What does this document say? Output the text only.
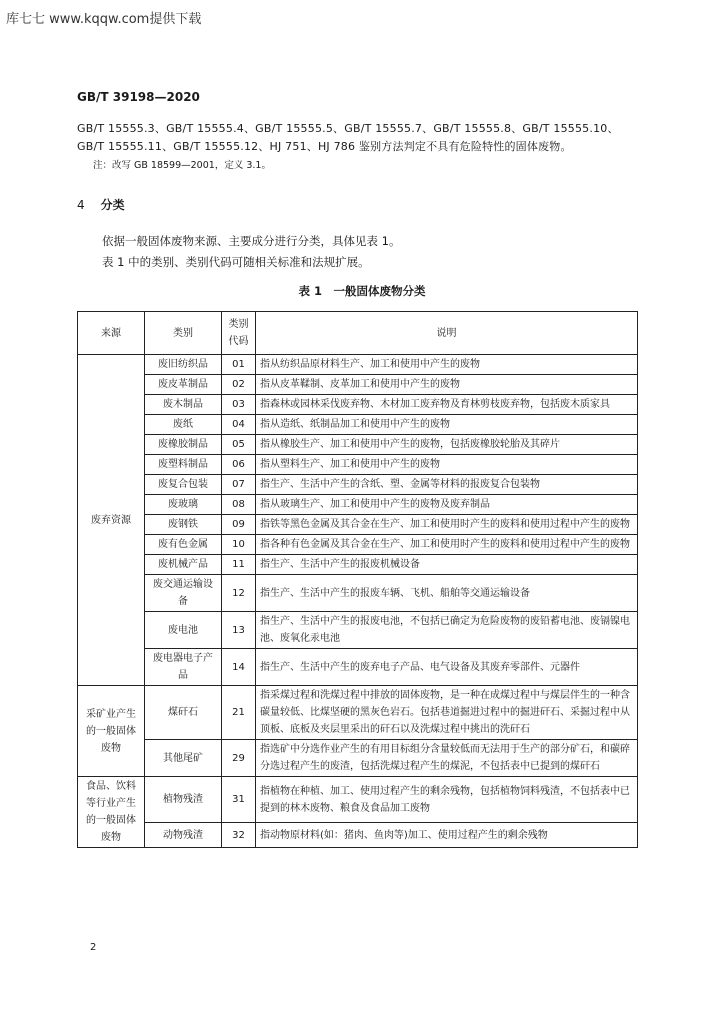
库七七 www.kqqw.com提供下载
GB/T 39198—2020
GB/T 15555.3、GB/T 15555.4、GB/T 15555.5、GB/T 15555.7、GB/T 15555.8、GB/T 15555.10、
GB/T 15555.11、GB/T 15555.12、HJ 751、HJ 786 鉴别方法判定不具有危险特性的固体废物。
注：改写 GB 18599—2001，定义 3.1。
4 分类
依据一般固体废物来源、主要成分进行分类，具体见表 1。
表 1 中的类别、类别代码可随相关标准和法规扩展。
表 1　一般固体废物分类
来源	类别	类别代码	说明
废弃资源	废旧纺织品	01	指从纺织品原材料生产、加工和使用中产生的废物
	废皮革制品	02	指从皮革鞣制、皮革加工和使用中产生的废物
	废木制品	03	指森林或园林采伐废弃物、木材加工废弃物及育林剪枝废弃物，包括废木质家具
	废纸	04	指从造纸、纸制品加工和使用中产生的废物
	废橡胶制品	05	指从橡胶生产、加工和使用中产生的废物，包括废橡胶轮胎及其碎片
	废塑料制品	06	指从塑料生产、加工和使用中产生的废物
	废复合包装	07	指生产、生活中产生的含纸、塑、金属等材料的报废复合包装物
	废玻璃	08	指从玻璃生产、加工和使用中产生的废物及废弃制品
	废钢铁	09	指铁等黑色金属及其合金在生产、加工和使用时产生的废料和使用过程中产生的废物
	废有色金属	10	指各种有色金属及其合金在生产、加工和使用时产生的废料和使用过程中产生的废物
	废机械产品	11	指生产、生活中产生的报废机械设备
	废交通运输设备	12	指生产、生活中产生的报废车辆、飞机、船舶等交通运输设备
	废电池	13	指生产、生活中产生的报废电池，不包括已确定为危险废物的废铅蓄电池、废镉镍电池、废氧化汞电池
	废电器电子产品	14	指生产、生活中产生的废弃电子产品、电气设备及其废弃零部件、元器件
采矿业产生的一般固体废物	煤矸石	21	指采煤过程和洗煤过程中排放的固体废物，是一种在成煤过程中与煤层伴生的一种含碳量较低、比煤坚硬的黑灰色岩石。包括巷道掘进过程中的掘进矸石、采掘过程中从顶板、底板及夹层里采出的矸石以及洗煤过程中挑出的洗矸石
	其他尾矿	29	指选矿中分选作业产生的有用目标组分含量较低而无法用于生产的部分矿石，和碳碎分选过程产生的废渣，包括洗煤过程产生的煤泥，不包括表中已提到的煤矸石
食品、饮料等行业产生的一般固体废物	植物残渣	31	指植物在种植、加工、使用过程产生的剩余残物，包括植物饲料残渣，不包括表中已提到的林木废物、粮食及食品加工废物
	动物残渣	32	指动物原材料(如：猪肉、鱼肉等)加工、使用过程产生的剩余残物
2
